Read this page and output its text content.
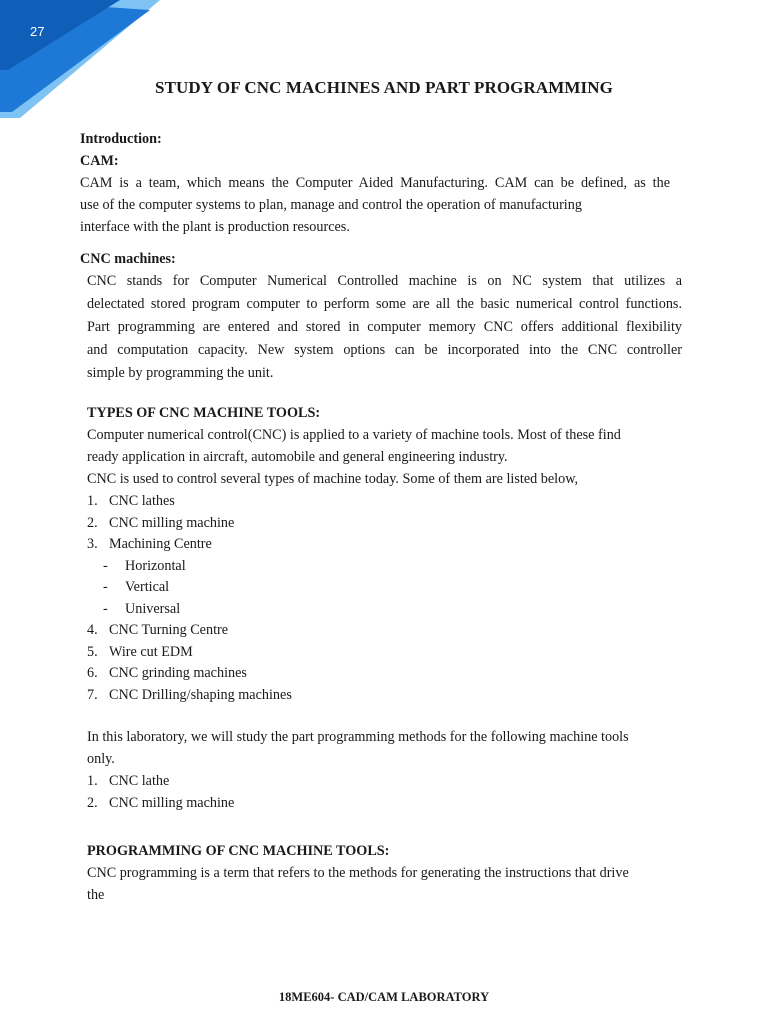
27
STUDY OF CNC MACHINES AND PART PROGRAMMING
Introduction:
CAM:

CAM is a team, which means the Computer Aided Manufacturing. CAM can be defined, as the

use of the computer systems to plan, manage and control the operation of manufacturing

interface with the plant is production resources.

CNC machines:

CNC stands for Computer Numerical Controlled machine is on NC system that utilizes a

delectated stored program computer to perform some are all the basic numerical control functions.

Part programming are entered and stored in computer memory CNC offers additional flexibility

and computation capacity. New system options can be incorporated into the CNC controller

simple by programming the unit.

TYPES OF CNC MACHINE TOOLS:

Computer numerical control(CNC) is applied to a variety of machine tools. Most of these find

ready application in aircraft, automobile and general engineering industry.

CNC is used to control several types of machine today. Some of them are listed below,

1. CNC lathes
2. CNC milling machine
3. Machining Centre
- Horizontal
- Vertical
- Universal
4. CNC Turning Centre
5. Wire cut EDM
6. CNC grinding machines
7. CNC Drilling/shaping machines

In this laboratory, we will study the part programming methods for the following machine tools

only.

1. CNC lathe
2. CNC milling machine
PROGRAMMING OF CNC MACHINE TOOLS:

CNC programming is a term that refers to the methods for generating the instructions that drive

the

18ME604- CAD/CAM LABORATORY
